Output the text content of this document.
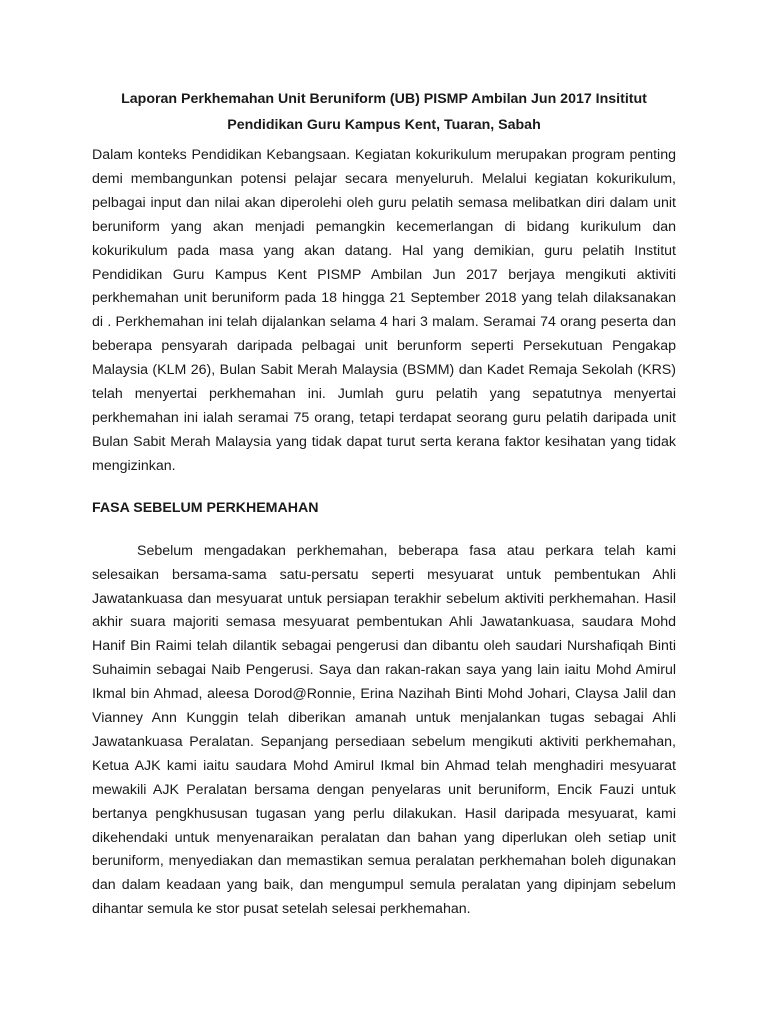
Laporan Perkhemahan Unit Beruniform (UB) PISMP Ambilan Jun 2017 Insititut
Pendidikan Guru Kampus Kent, Tuaran, Sabah

Dalam konteks Pendidikan Kebangsaan. Kegiatan kokurikulum merupakan program penting demi membangunkan potensi pelajar secara menyeluruh. Melalui kegiatan kokurikulum, pelbagai input dan nilai akan diperolehi oleh guru pelatih semasa melibatkan diri dalam unit beruniform yang akan menjadi pemangkin kecemerlangan di bidang kurikulum dan kokurikulum pada masa yang akan datang. Hal yang demikian, guru pelatih Institut Pendidikan Guru Kampus Kent PISMP Ambilan Jun 2017 berjaya mengikuti aktiviti perkhemahan unit beruniform pada 18 hingga 21 September 2018 yang telah dilaksanakan di . Perkhemahan ini telah dijalankan selama 4 hari 3 malam. Seramai 74 orang peserta dan beberapa pensyarah daripada pelbagai unit berunform seperti Persekutuan Pengakap Malaysia (KLM 26), Bulan Sabit Merah Malaysia (BSMM) dan Kadet Remaja Sekolah (KRS) telah menyertai perkhemahan ini. Jumlah guru pelatih yang sepatutnya menyertai perkhemahan ini ialah seramai 75 orang, tetapi terdapat seorang guru pelatih daripada unit Bulan Sabit Merah Malaysia yang tidak dapat turut serta kerana faktor kesihatan yang tidak mengizinkan.

FASA SEBELUM PERKHEMAHAN

Sebelum mengadakan perkhemahan, beberapa fasa atau perkara telah kami selesaikan bersama-sama satu-persatu seperti mesyuarat untuk pembentukan Ahli Jawatankuasa dan mesyuarat untuk persiapan terakhir sebelum aktiviti perkhemahan. Hasil akhir suara majoriti semasa mesyuarat pembentukan Ahli Jawatankuasa, saudara Mohd Hanif Bin Raimi telah dilantik sebagai pengerusi dan dibantu oleh saudari Nurshafiqah Binti Suhaimin sebagai Naib Pengerusi. Saya dan rakan-rakan saya yang lain iaitu Mohd Amirul Ikmal bin Ahmad, aleesa Dorod@Ronnie, Erina Nazihah Binti Mohd Johari, Claysa Jalil dan Vianney Ann Kunggin telah diberikan amanah untuk menjalankan tugas sebagai Ahli Jawatankuasa Peralatan. Sepanjang persediaan sebelum mengikuti aktiviti perkhemahan, Ketua AJK kami iaitu saudara Mohd Amirul Ikmal bin Ahmad telah menghadiri mesyuarat mewakili AJK Peralatan bersama dengan penyelaras unit beruniform, Encik Fauzi untuk bertanya pengkhususan tugasan yang perlu dilakukan. Hasil daripada mesyuarat, kami dikehendaki untuk menyenaraikan peralatan dan bahan yang diperlukan oleh setiap unit beruniform, menyediakan dan memastikan semua peralatan perkhemahan boleh digunakan dan dalam keadaan yang baik, dan mengumpul semula peralatan yang dipinjam sebelum dihantar semula ke stor pusat setelah selesai perkhemahan.
